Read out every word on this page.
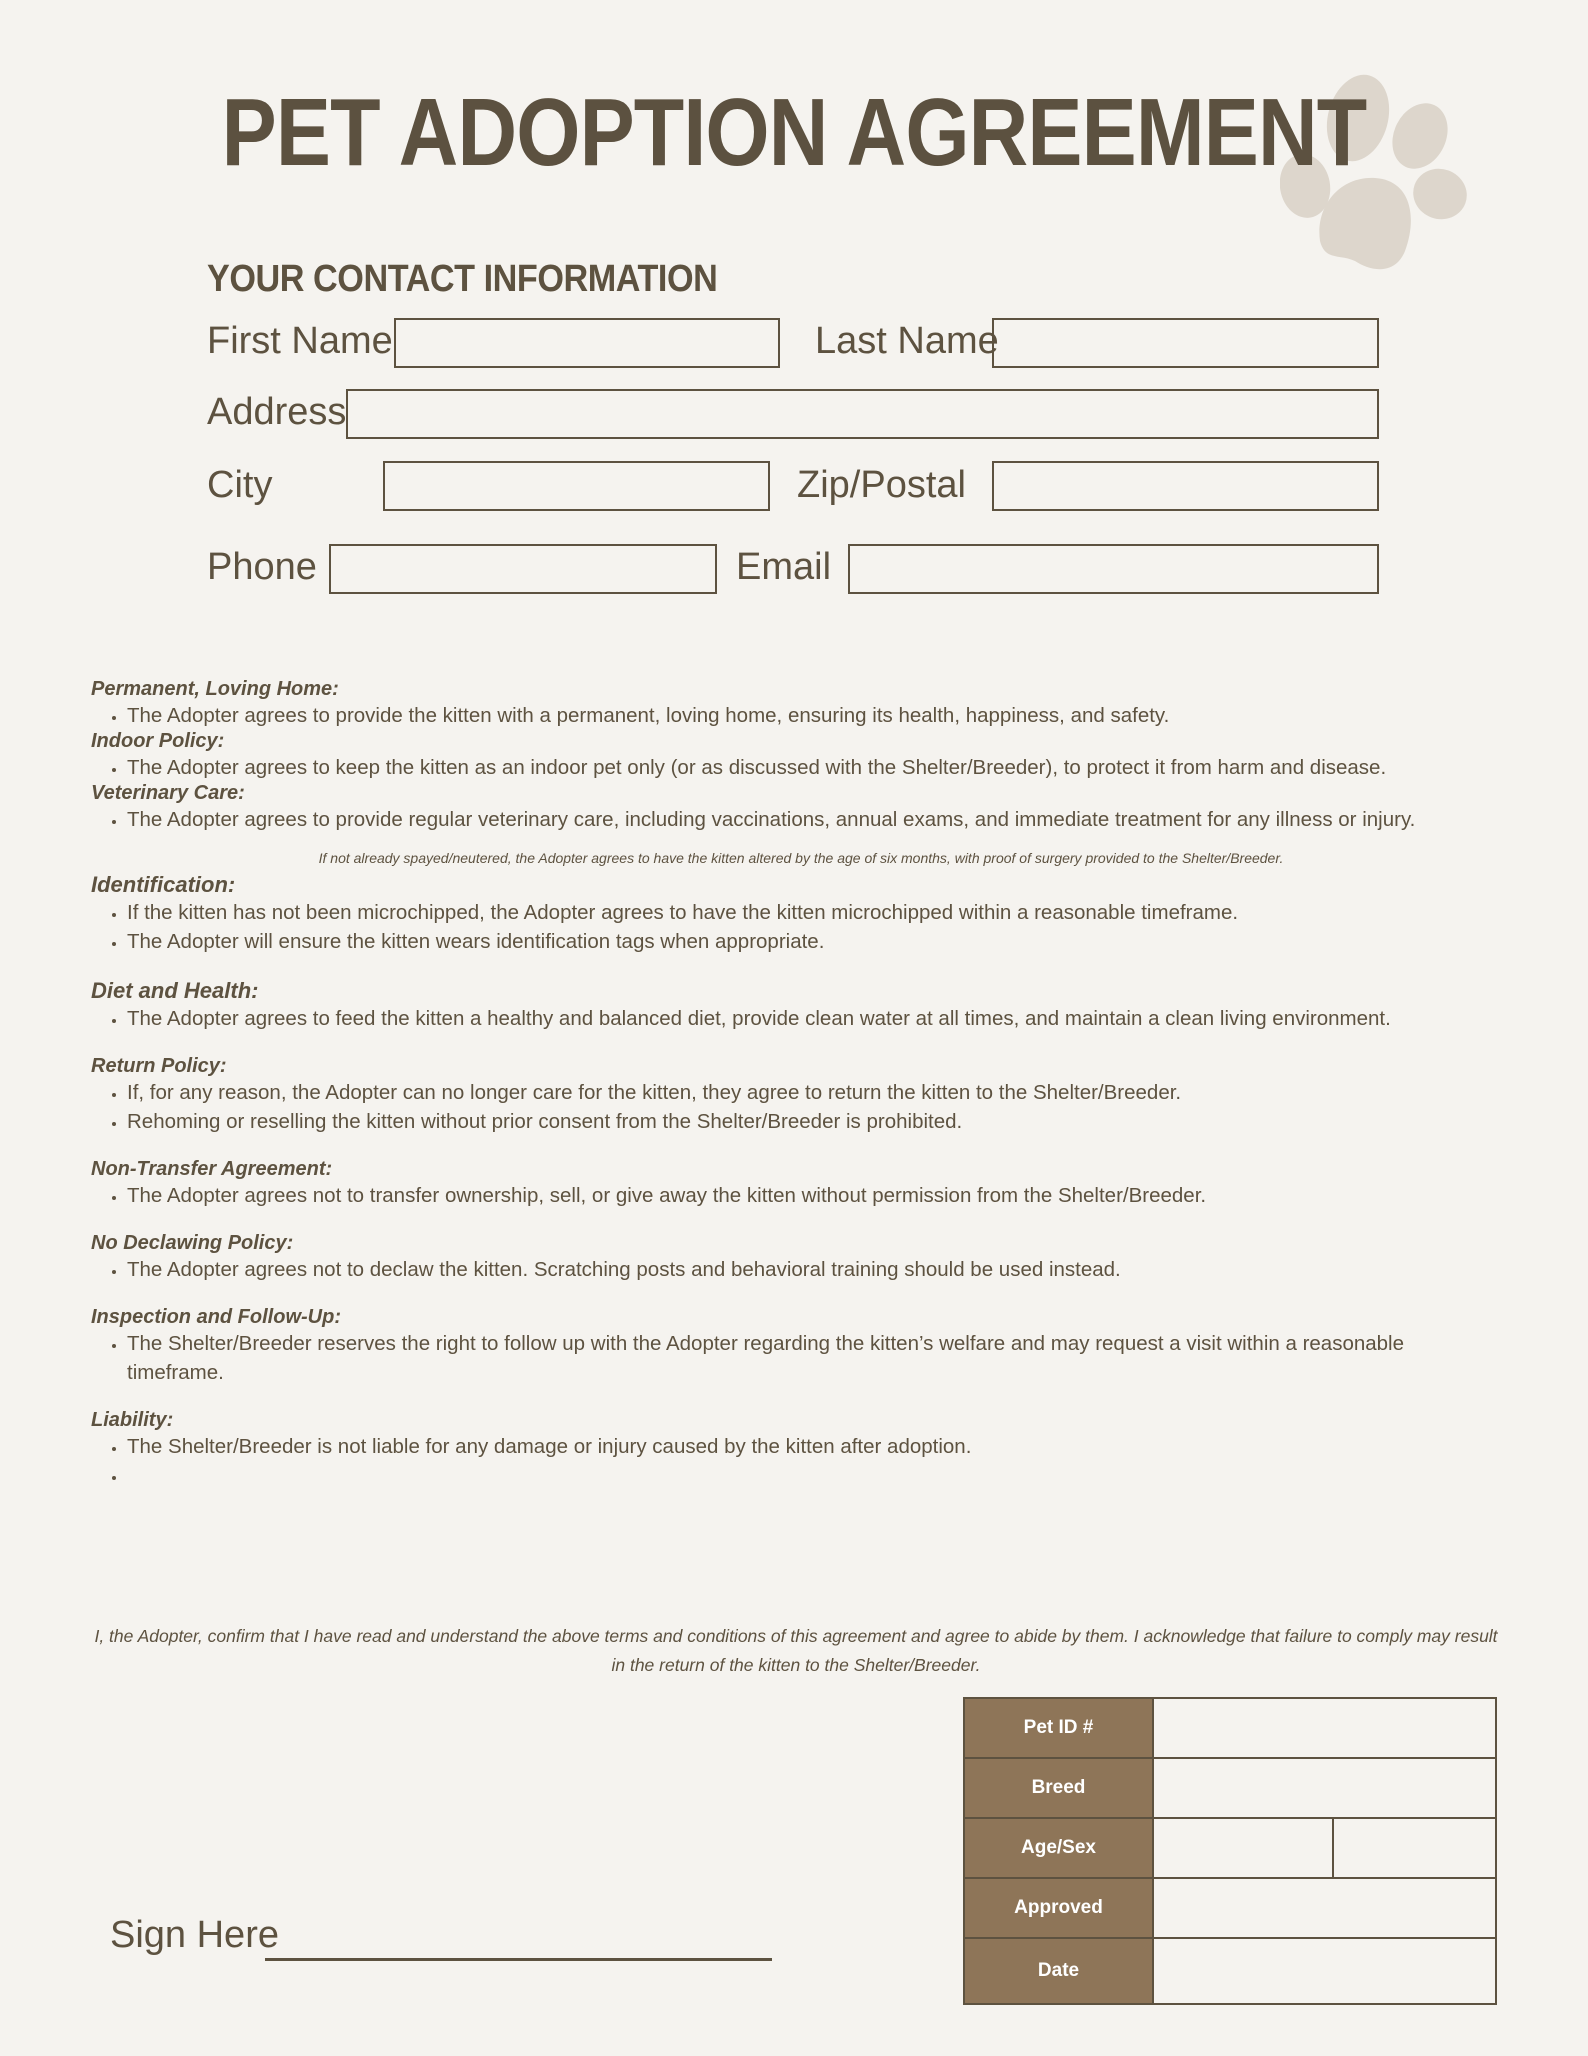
PET ADOPTION AGREEMENT
YOUR CONTACT INFORMATION
First Name	Last Name
Address
City	Zip/Postal
Phone	Email
Permanent, Loving Home:
• The Adopter agrees to provide the kitten with a permanent, loving home, ensuring its health, happiness, and safety.
Indoor Policy:
• The Adopter agrees to keep the kitten as an indoor pet only (or as discussed with the Shelter/Breeder), to protect it from harm and disease.
Veterinary Care:
• The Adopter agrees to provide regular veterinary care, including vaccinations, annual exams, and immediate treatment for any illness or injury.
If not already spayed/neutered, the Adopter agrees to have the kitten altered by the age of six months, with proof of surgery provided to the Shelter/Breeder.
Identification:
• If the kitten has not been microchipped, the Adopter agrees to have the kitten microchipped within a reasonable timeframe.
• The Adopter will ensure the kitten wears identification tags when appropriate.
Diet and Health:
• The Adopter agrees to feed the kitten a healthy and balanced diet, provide clean water at all times, and maintain a clean living environment.
Return Policy:
• If, for any reason, the Adopter can no longer care for the kitten, they agree to return the kitten to the Shelter/Breeder.
• Rehoming or reselling the kitten without prior consent from the Shelter/Breeder is prohibited.
Non-Transfer Agreement:
• The Adopter agrees not to transfer ownership, sell, or give away the kitten without permission from the Shelter/Breeder.
No Declawing Policy:
• The Adopter agrees not to declaw the kitten. Scratching posts and behavioral training should be used instead.
Inspection and Follow-Up:
• The Shelter/Breeder reserves the right to follow up with the Adopter regarding the kitten’s welfare and may request a visit within a reasonable timeframe.
Liability:
• The Shelter/Breeder is not liable for any damage or injury caused by the kitten after adoption.
•
I, the Adopter, confirm that I have read and understand the above terms and conditions of this agreement and agree to abide by them. I acknowledge that failure to comply may result in the return of the kitten to the Shelter/Breeder.
Sign Here
Pet ID #		
Breed		
Age/Sex		
Approved		
Date		
